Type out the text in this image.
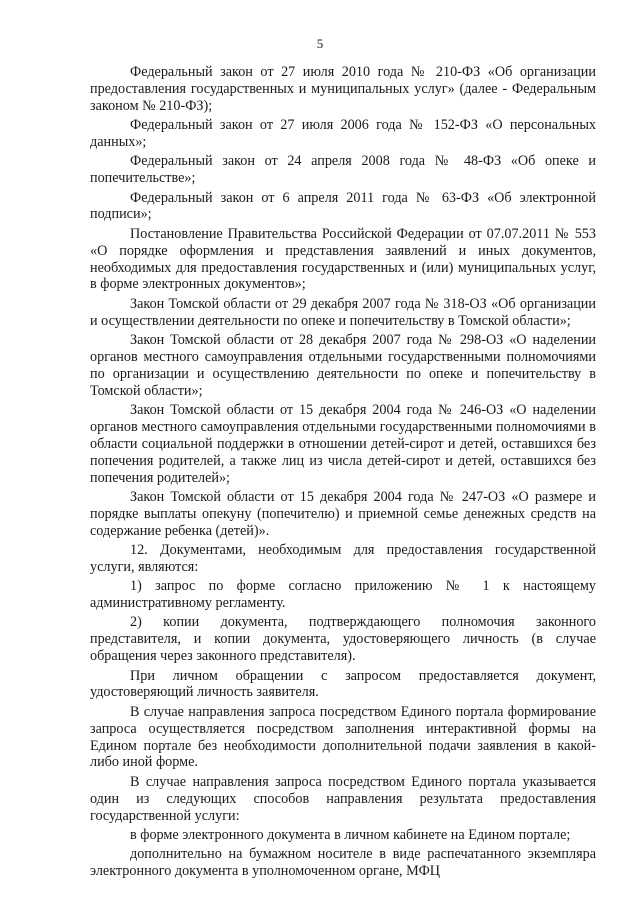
5

Федеральный закон от 27 июля 2010 года № 210-ФЗ «Об организации предоставления государственных и муниципальных услуг» (далее - Федеральным законом № 210-ФЗ);

Федеральный закон от 27 июля 2006 года № 152-ФЗ «О персональных данных»;

Федеральный закон от 24 апреля 2008 года № 48-ФЗ «Об опеке и попечительстве»;

Федеральный закон от 6 апреля 2011 года № 63-ФЗ «Об электронной подписи»;

Постановление Правительства Российской Федерации от 07.07.2011 № 553 «О порядке оформления и представления заявлений и иных документов, необходимых для предоставления государственных и (или) муниципальных услуг, в форме электронных документов»;

Закон Томской области от 29 декабря 2007 года № 318-ОЗ «Об организации и осуществлении деятельности по опеке и попечительству в Томской области»;

Закон Томской области от 28 декабря 2007 года № 298-ОЗ «О наделении органов местного самоуправления отдельными государственными полномочиями по организации и осуществлению деятельности по опеке и попечительству в Томской области»;

Закон Томской области от 15 декабря 2004 года № 246-ОЗ «О наделении органов местного самоуправления отдельными государственными полномочиями в области социальной поддержки в отношении детей-сирот и детей, оставшихся без попечения родителей, а также лиц из числа детей-сирот и детей, оставшихся без попечения родителей»;

Закон Томской области от 15 декабря 2004 года № 247-ОЗ «О размере и порядке выплаты опекуну (попечителю) и приемной семье денежных средств на содержание ребенка (детей)».

12. Документами, необходимым для предоставления государственной услуги, являются:

1) запрос по форме согласно приложению № 1 к настоящему административному регламенту.

2) копии документа, подтверждающего полномочия законного представителя, и копии документа, удостоверяющего личность (в случае обращения через законного представителя).

При личном обращении с запросом предоставляется документ, удостоверяющий личность заявителя.

В случае направления запроса посредством Единого портала формирование запроса осуществляется посредством заполнения интерактивной формы на Едином портале без необходимости дополнительной подачи заявления в какой-либо иной форме.

В случае направления запроса посредством Единого портала указывается один из следующих способов направления результата предоставления государственной услуги:

в форме электронного документа в личном кабинете на Едином портале;

дополнительно на бумажном носителе в виде распечатанного экземпляра электронного документа в уполномоченном органе, МФЦ
